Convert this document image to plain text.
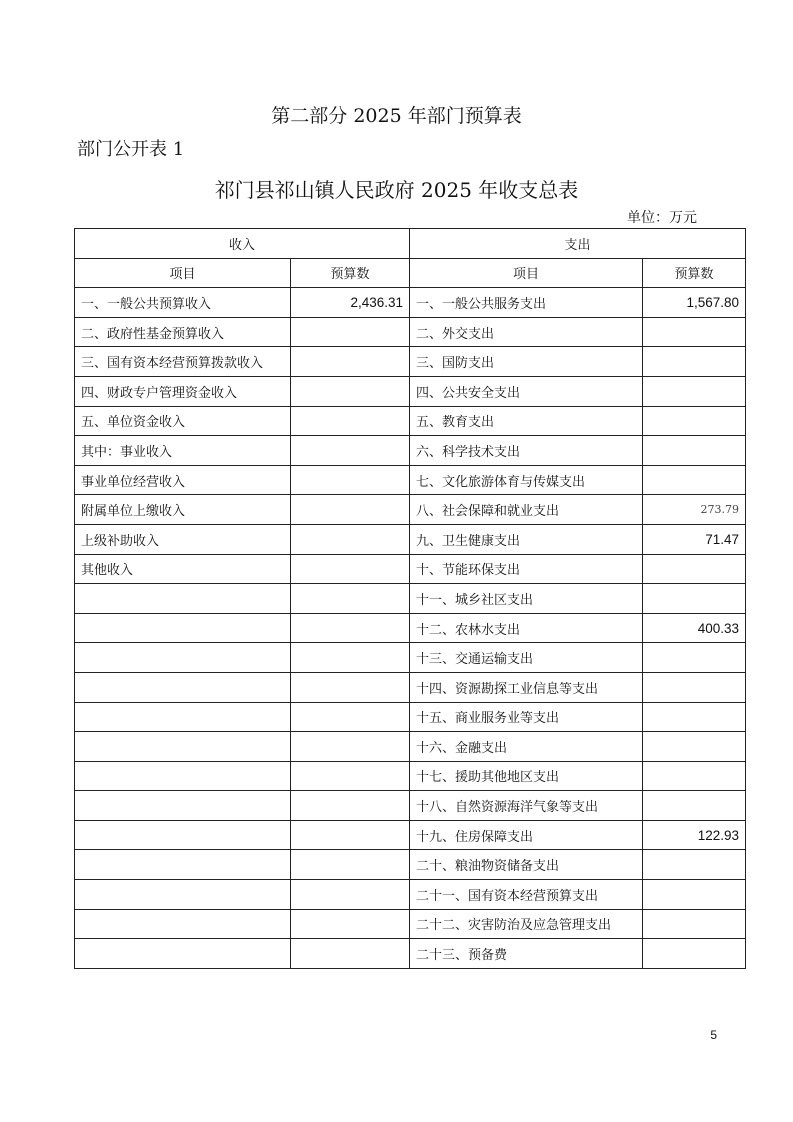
第二部分 2025 年部门预算表
部门公开表 1
祁门县祁山镇人民政府 2025 年收支总表
单位：万元
收入		支出	
项目	预算数	项目	预算数
一、一般公共预算收入	2,436.31	一、一般公共服务支出	1,567.80
二、政府性基金预算收入		二、外交支出	
三、国有资本经营预算拨款收入		三、国防支出	
四、财政专户管理资金收入		四、公共安全支出	
五、单位资金收入		五、教育支出	
其中：事业收入		六、科学技术支出	
事业单位经营收入		七、文化旅游体育与传媒支出	
附属单位上缴收入		八、社会保障和就业支出	273.79
上级补助收入		九、卫生健康支出	71.47
其他收入		十、节能环保支出	
		十一、城乡社区支出	
		十二、农林水支出	400.33
		十三、交通运输支出	
		十四、资源勘探工业信息等支出	
		十五、商业服务业等支出	
		十六、金融支出	
		十七、援助其他地区支出	
		十八、自然资源海洋气象等支出	
		十九、住房保障支出	122.93
		二十、粮油物资储备支出	
		二十一、国有资本经营预算支出	
		二十二、灾害防治及应急管理支出	
		二十三、预备费	
5
